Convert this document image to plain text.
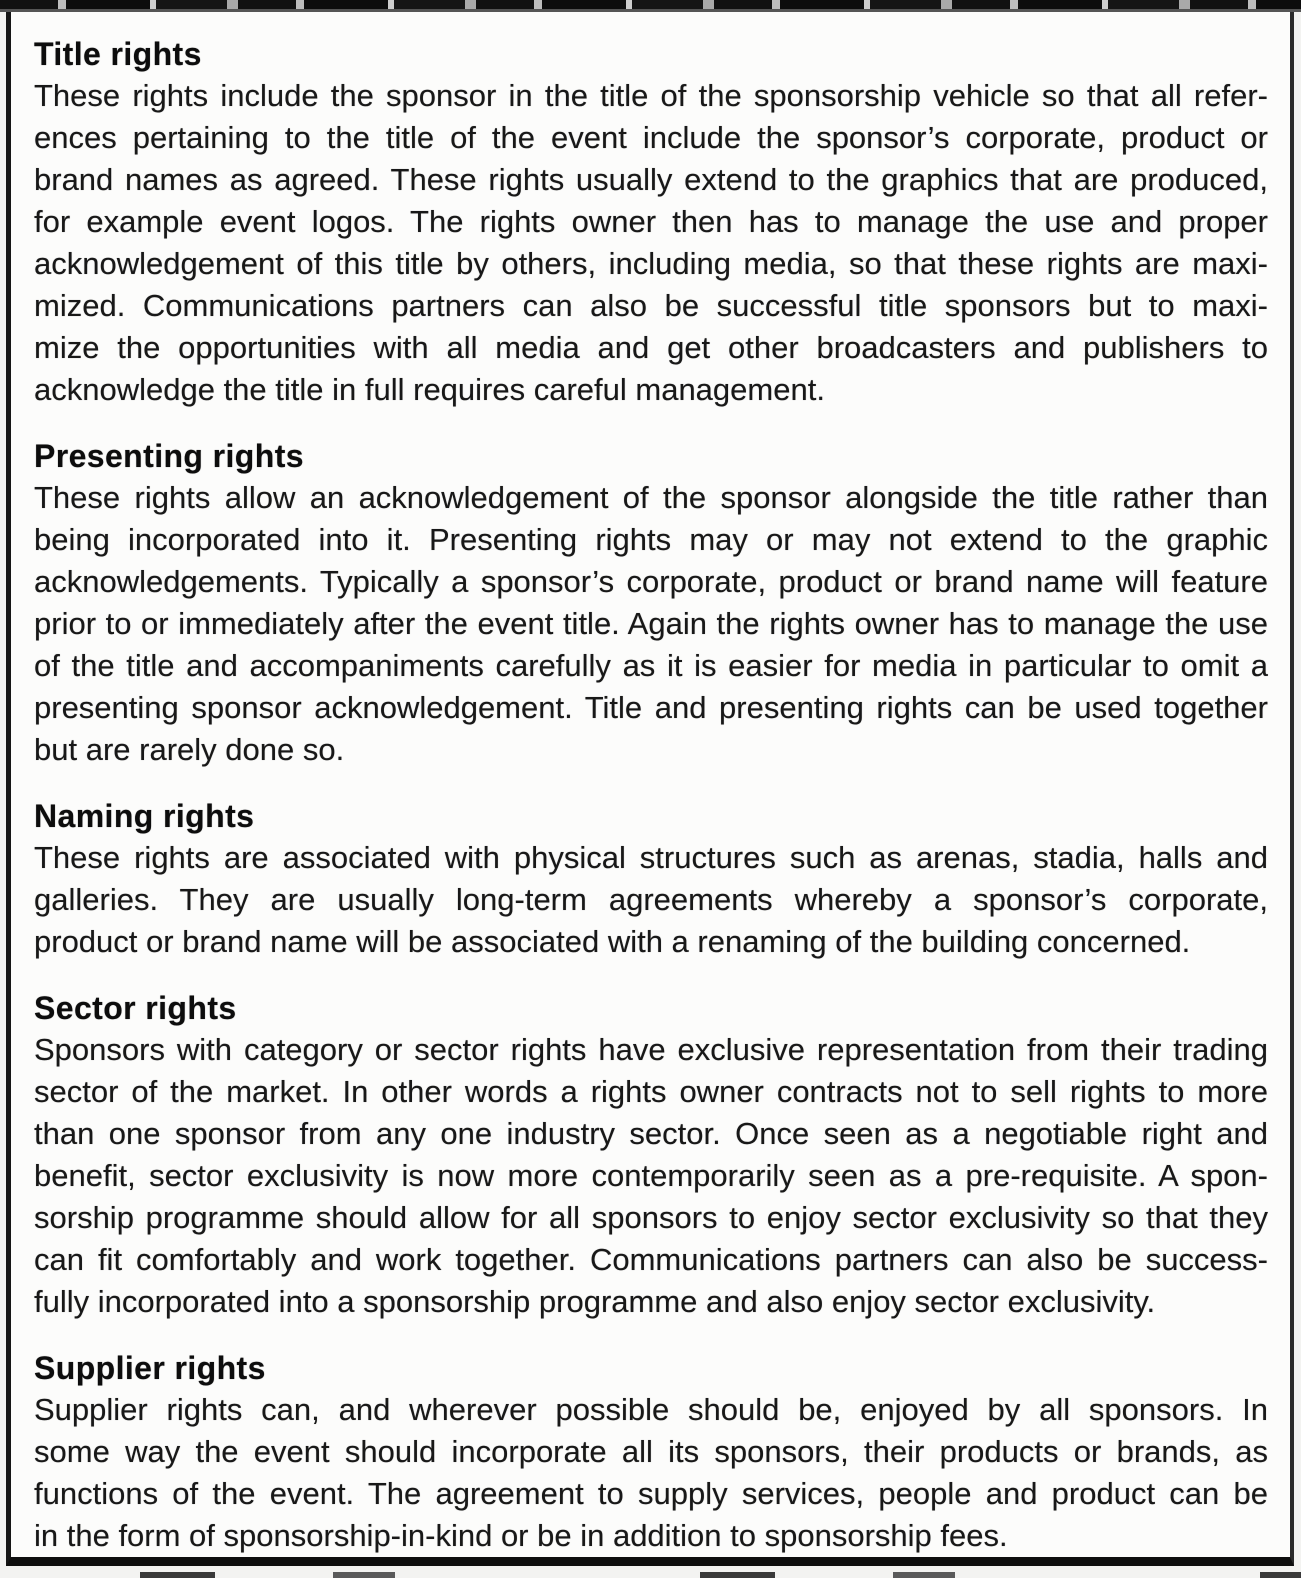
Title rights
These rights include the sponsor in the title of the sponsorship vehicle so that all refer-
ences pertaining to the title of the event include the sponsor’s corporate, product or
brand names as agreed. These rights usually extend to the graphics that are produced,
for example event logos. The rights owner then has to manage the use and proper
acknowledgement of this title by others, including media, so that these rights are maxi-
mized. Communications partners can also be successful title sponsors but to maxi-
mize the opportunities with all media and get other broadcasters and publishers to
acknowledge the title in full requires careful management.
Presenting rights
These rights allow an acknowledgement of the sponsor alongside the title rather than
being incorporated into it. Presenting rights may or may not extend to the graphic
acknowledgements. Typically a sponsor’s corporate, product or brand name will feature
prior to or immediately after the event title. Again the rights owner has to manage the use
of the title and accompaniments carefully as it is easier for media in particular to omit a
presenting sponsor acknowledgement. Title and presenting rights can be used together
but are rarely done so.
Naming rights
These rights are associated with physical structures such as arenas, stadia, halls and
galleries. They are usually long-term agreements whereby a sponsor’s corporate,
product or brand name will be associated with a renaming of the building concerned.
Sector rights
Sponsors with category or sector rights have exclusive representation from their trading
sector of the market. In other words a rights owner contracts not to sell rights to more
than one sponsor from any one industry sector. Once seen as a negotiable right and
benefit, sector exclusivity is now more contemporarily seen as a pre-requisite. A spon-
sorship programme should allow for all sponsors to enjoy sector exclusivity so that they
can fit comfortably and work together. Communications partners can also be success-
fully incorporated into a sponsorship programme and also enjoy sector exclusivity.
Supplier rights
Supplier rights can, and wherever possible should be, enjoyed by all sponsors. In
some way the event should incorporate all its sponsors, their products or brands, as
functions of the event. The agreement to supply services, people and product can be
in the form of sponsorship-in-kind or be in addition to sponsorship fees.
